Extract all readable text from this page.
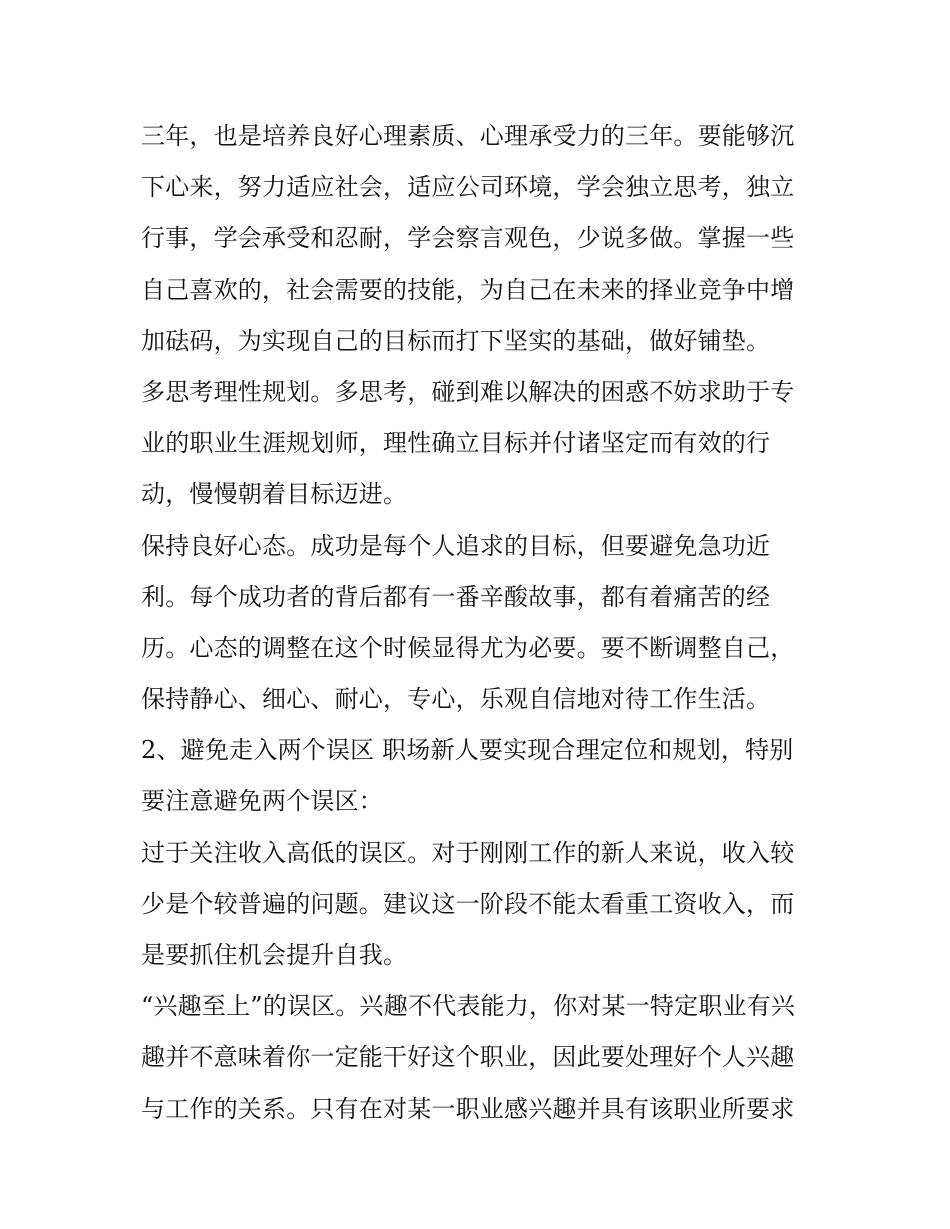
三年，也是培养良好心理素质、心理承受力的三年。要能够沉
下心来，努力适应社会，适应公司环境，学会独立思考，独立
行事，学会承受和忍耐，学会察言观色，少说多做。掌握一些
自己喜欢的，社会需要的技能，为自己在未来的择业竞争中增
加砝码，为实现自己的目标而打下坚实的基础，做好铺垫。
多思考理性规划。多思考，碰到难以解决的困惑不妨求助于专
业的职业生涯规划师，理性确立目标并付诸坚定而有效的行
动，慢慢朝着目标迈进。
保持良好心态。成功是每个人追求的目标，但要避免急功近
利。每个成功者的背后都有一番辛酸故事，都有着痛苦的经
历。心态的调整在这个时候显得尤为必要。要不断调整自己，
保持静心、细心、耐心，专心，乐观自信地对待工作生活。
2、避免走入两个误区 职场新人要实现合理定位和规划，特别
要注意避免两个误区：
过于关注收入高低的误区。对于刚刚工作的新人来说，收入较
少是个较普遍的问题。建议这一阶段不能太看重工资收入，而
是要抓住机会提升自我。
“兴趣至上”的误区。兴趣不代表能力，你对某一特定职业有兴
趣并不意味着你一定能干好这个职业，因此要处理好个人兴趣
与工作的关系。只有在对某一职业感兴趣并具有该职业所要求
